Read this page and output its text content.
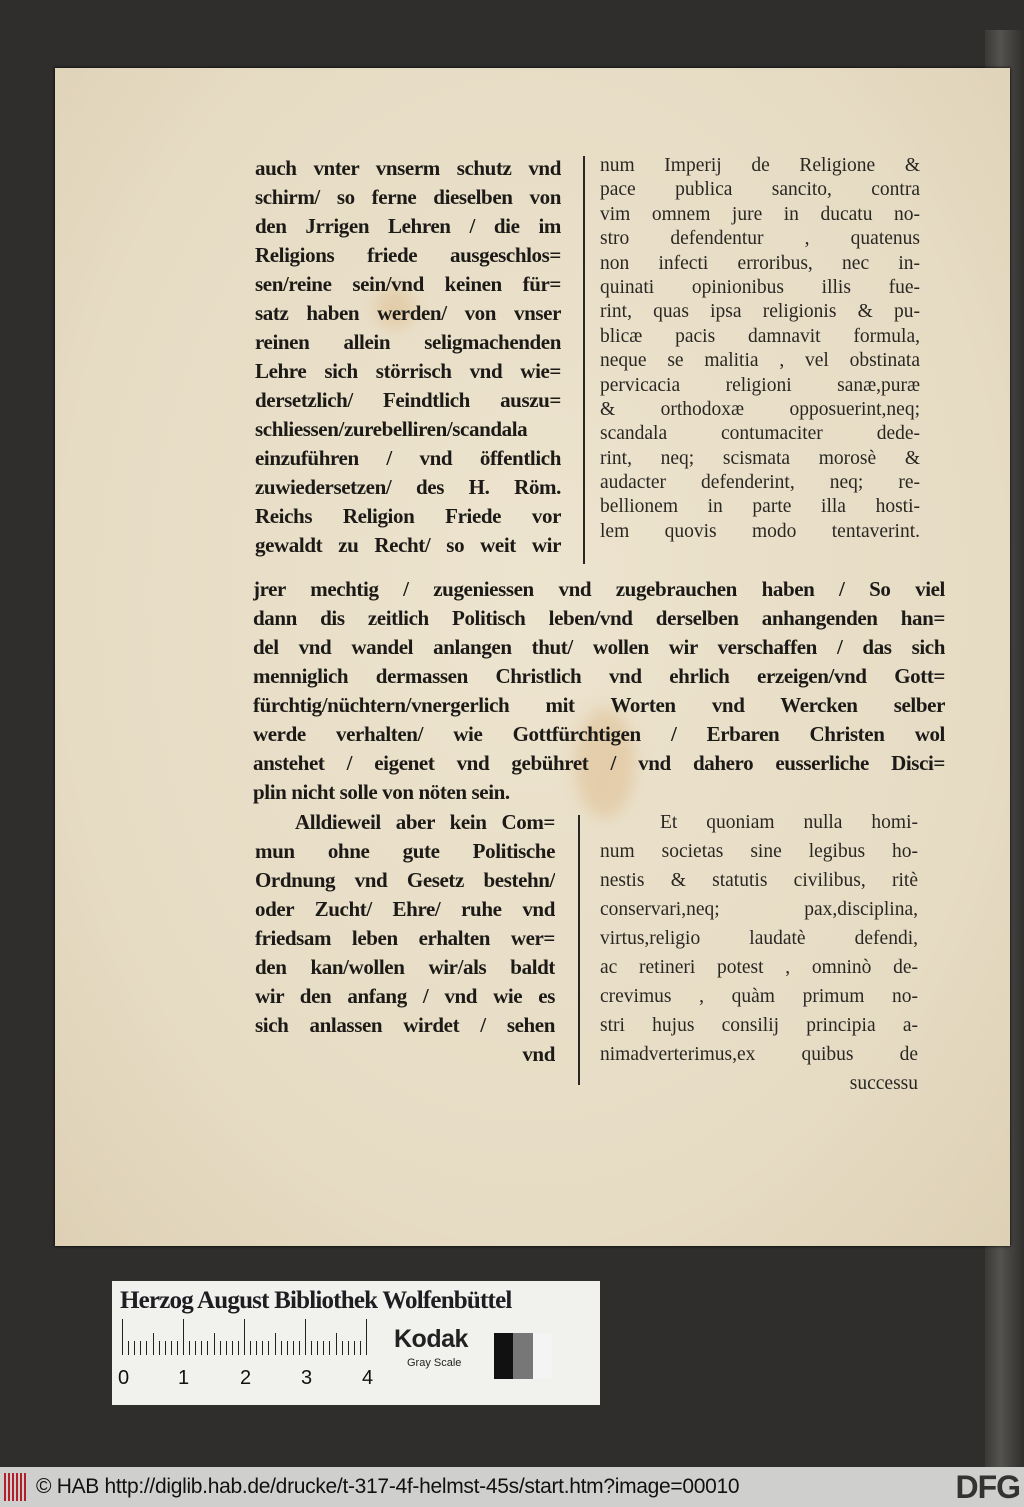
auch vnter vnserm schutz vnd
schirm/ so ferne dieselben von
den Jrrigen Lehren / die im
Religions friede ausgeschlos=
sen/reine sein/vnd keinen für=
satz haben werden/ von vnser
reinen allein seligmachenden
Lehre sich störrisch vnd wie=
dersetzlich/ Feindtlich auszu=
schliessen/zurebelliren/scandala
einzuführen / vnd öffentlich
zuwiedersetzen/ des H. Röm.
Reichs Religion Friede vor
gewaldt zu Recht/ so weit wir
num Imperij de Religione &
pace publica sancito, contra
vim omnem jure in ducatu no-
stro defendentur , quatenus
non infecti erroribus, nec in-
quinati opinionibus illis fue-
rint, quas ipsa religionis & pu-
blicæ pacis damnavit formula,
neque se malitia , vel obstinata
pervicacia religioni sanæ,puræ
& orthodoxæ opposuerint,neq;
scandala contumaciter dede-
rint, neq; scismata morosè &
audacter defenderint, neq; re-
bellionem in parte illa hosti-
lem quovis modo tentaverint.
jrer mechtig / zugeniessen vnd zugebrauchen haben / So viel
dann dis zeitlich Politisch leben/vnd derselben anhangenden han=
del vnd wandel anlangen thut/ wollen wir verschaffen / das sich
menniglich dermassen Christlich vnd ehrlich erzeigen/vnd Gott=
fürchtig/nüchtern/vnergerlich mit Worten vnd Wercken selber
werde verhalten/ wie Gottfürchtigen / Erbaren Christen wol
anstehet / eigenet vnd gebühret / vnd dahero eusserliche Disci=
plin nicht solle von nöten sein.
Alldieweil aber kein Com=
mun ohne gute Politische
Ordnung vnd Gesetz bestehn/
oder Zucht/ Ehre/ ruhe vnd
friedsam leben erhalten wer=
den kan/wollen wir/als baldt
wir den anfang / vnd wie es
sich anlassen wirdet / sehen
vnd
Et quoniam nulla homi-
num societas sine legibus ho-
nestis & statutis civilibus, ritè
conservari,neq; pax,disciplina,
virtus,religio laudatè defendi,
ac retineri potest , omninò de-
crevimus , quàm primum no-
stri hujus consilij principia a-
nimadverterimus,ex quibus de
successu
Herzog August Bibliothek Wolfenbüttel
0 1	2 3 4
Kodak
Gray Scale
© HAB http://diglib.hab.de/drucke/t-317-4f-helmst-45s/start.htm?image=00010	DFG
